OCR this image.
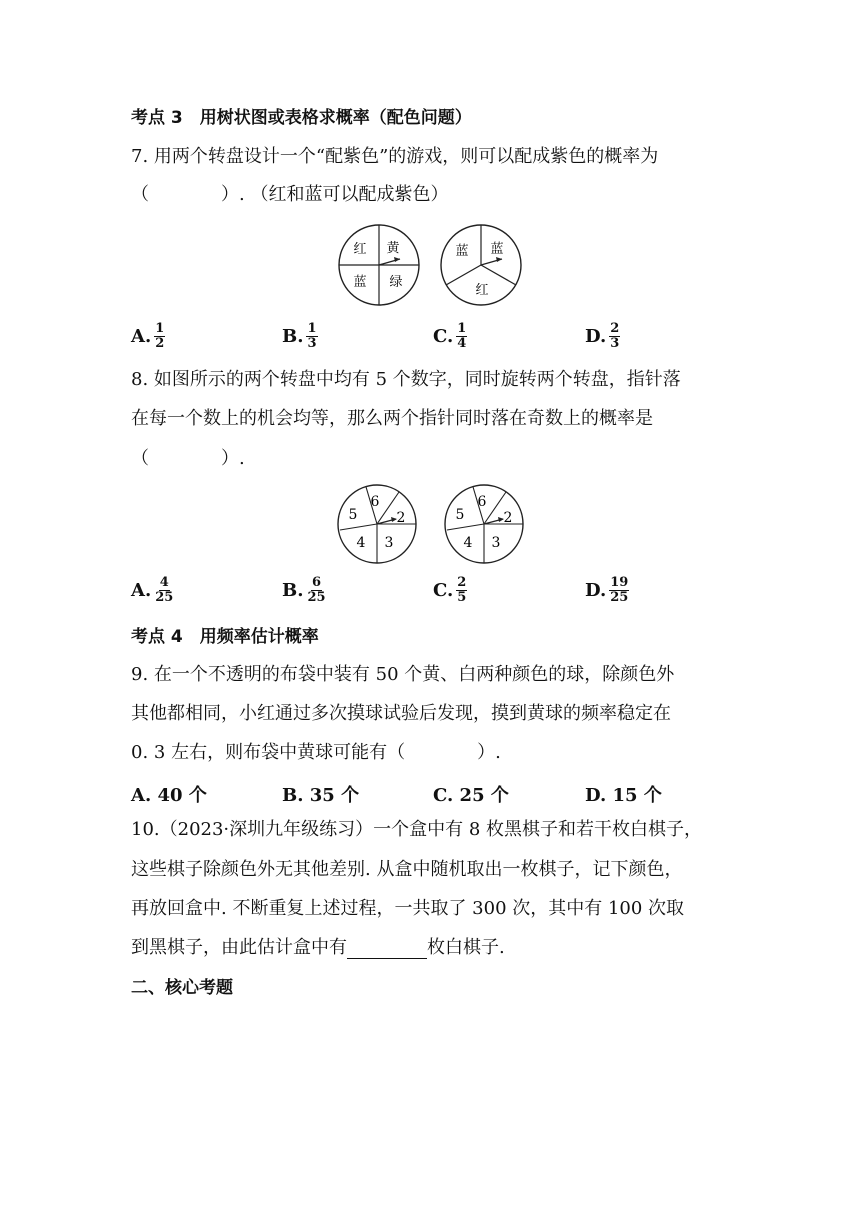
考点 3　用树状图或表格求概率（配色问题）
7. 用两个转盘设计一个“配紫色”的游戏，则可以配成紫色的概率为
（　　　　）. （红和蓝可以配成紫色）
红 黄
蓝 绿
蓝 蓝
红
A. $\frac{1}{2}$	B. $\frac{1}{3}$	C. $\frac{1}{4}$	D. $\frac{2}{3}$
8. 如图所示的两个转盘中均有 5 个数字，同时旋转两个转盘，指针落
在每一个数上的机会均等，那么两个指针同时落在奇数上的概率是
（　　　　）.
6
2
3
4
5
6
2
3
4
5
A. $\frac{4}{25}$	B. $\frac{6}{25}$	C. $\frac{2}{5}$	D. $\frac{19}{25}$
考点 4　用频率估计概率
9. 在一个不透明的布袋中装有 50 个黄、白两种颜色的球，除颜色外
其他都相同，小红通过多次摸球试验后发现，摸到黄球的频率稳定在
0. 3 左右，则布袋中黄球可能有（　　　　）.
A. 40 个	B. 35 个	C. 25 个	D. 15 个
10.（2023·深圳九年级练习）一个盒中有 8 枚黑棋子和若干枚白棋子，
这些棋子除颜色外无其他差别. 从盒中随机取出一枚棋子，记下颜色，
再放回盒中. 不断重复上述过程，一共取了 300 次，其中有 100 次取
到黑棋子，由此估计盒中有	枚白棋子.
二、核心考题
